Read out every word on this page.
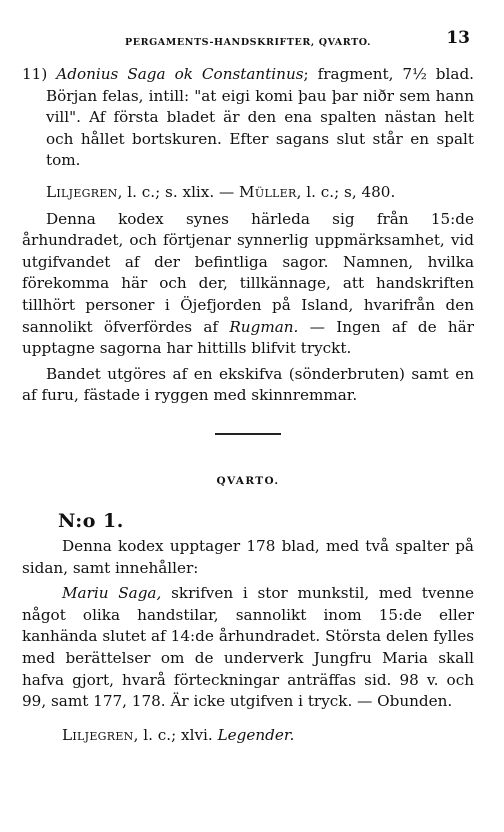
PERGAMENTS-HANDSKRIFTER, QVARTO.	13

11) Adonius Saga ok Constantinus; fragment, 7½ blad. Början felas, intill: "at eigi komi þau þar niðr sem hann vill". Af första bladet är den ena spalten nästan helt och hållet bortskuren. Efter sagans slut står en spalt tom.

Liljegren, l. c.; s. xlix. — Müller, l. c.; s, 480.

Denna kodex synes härleda sig från 15:de århundradet, och förtjenar synnerlig uppmärksamhet, vid utgifvandet af der befintliga sagor. Namnen, hvilka förekomma här och der, tillkännage, att handskriften tillhört personer i Öjefjorden på Island, hvarifrån den sannolikt öfverfördes af Rugman. — Ingen af de här upptagne sagorna har hittills blifvit tryckt.

Bandet utgöres af en ekskifva (sönderbruten) samt en af furu, fästade i ryggen med skinnremmar.

QVARTO.
N:o 1.

Denna kodex upptager 178 blad, med två spalter på sidan, samt innehåller:

Mariu Saga, skrifven i stor munkstil, med tvenne något olika handstilar, sannolikt inom 15:de eller kanhända slutet af 14:de århundradet. Största delen fylles med berättelser om de underverk Jungfru Maria skall hafva gjort, hvarå förteckningar anträffas sid. 98 v. och 99, samt 177, 178. Är icke utgifven i tryck. — Obunden.

Liljegren, l. c.; xlvi. Legender.
